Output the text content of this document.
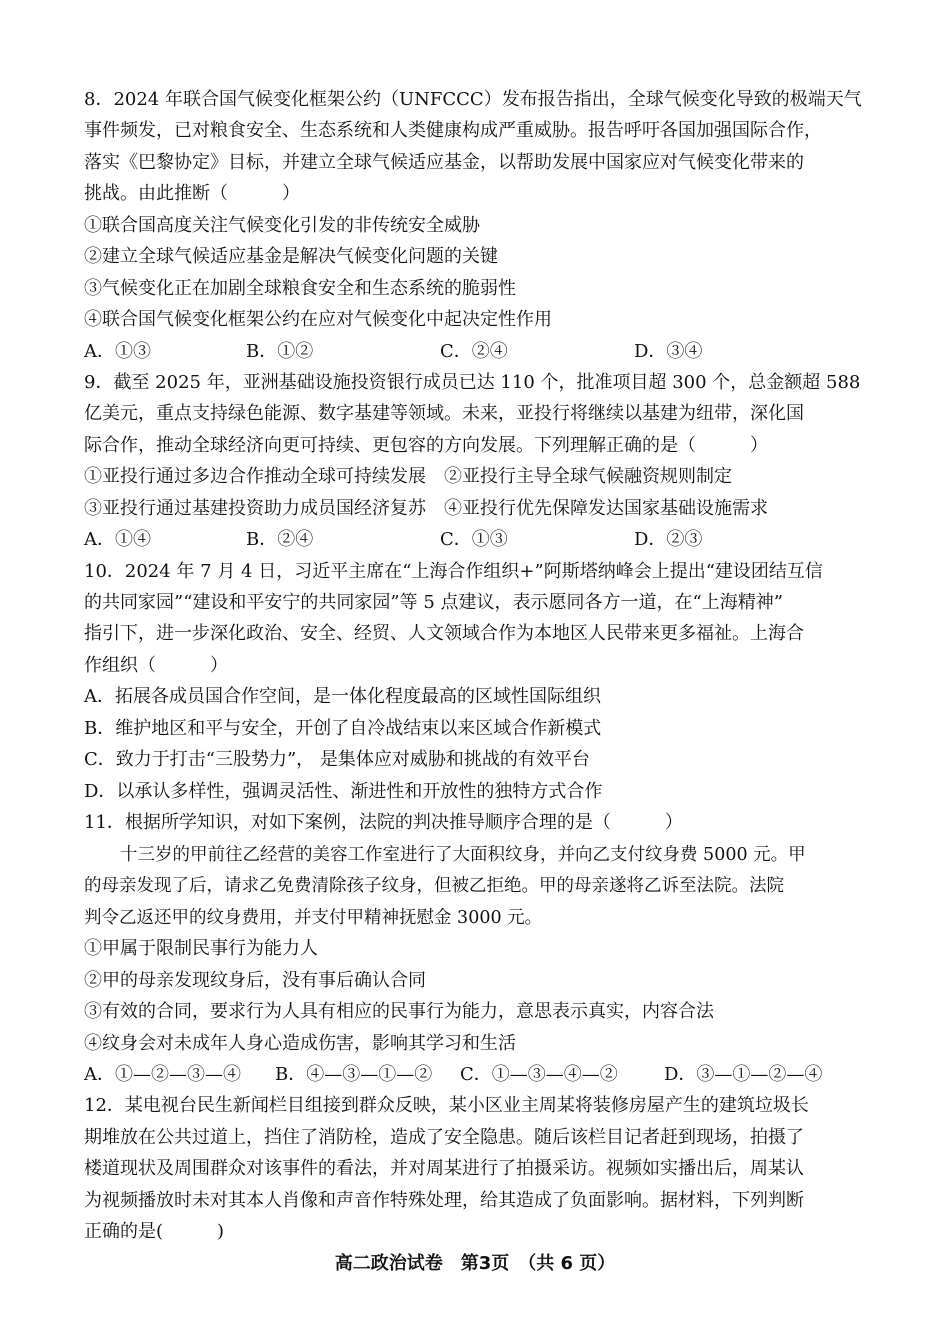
8．2024 年联合国气候变化框架公约（UNFCCC）发布报告指出，全球气候变化导致的极端天气
事件频发，已对粮食安全、生态系统和人类健康构成严重威胁。报告呼吁各国加强国际合作，
落实《巴黎协定》目标，并建立全球气候适应基金，以帮助发展中国家应对气候变化带来的
挑战。由此推断（　　　）
①联合国高度关注气候变化引发的非传统安全威胁
②建立全球气候适应基金是解决气候变化问题的关键
③气候变化正在加剧全球粮食安全和生态系统的脆弱性
④联合国气候变化框架公约在应对气候变化中起决定性作用
A．①③	B．①②	C．②④	D．③④
9．截至 2025 年，亚洲基础设施投资银行成员已达 110 个，批准项目超 300 个，总金额超 588
亿美元，重点支持绿色能源、数字基建等领域。未来，亚投行将继续以基建为纽带，深化国
际合作，推动全球经济向更可持续、更包容的方向发展。下列理解正确的是（　　　）
①亚投行通过多边合作推动全球可持续发展　②亚投行主导全球气候融资规则制定
③亚投行通过基建投资助力成员国经济复苏　④亚投行优先保障发达国家基础设施需求
A．①④	B．②④	C．①③	D．②③
10．2024 年 7 月 4 日，习近平主席在“上海合作组织+”阿斯塔纳峰会上提出“建设团结互信
的共同家园”“建设和平安宁的共同家园”等 5 点建议，表示愿同各方一道，在“上海精神”
指引下，进一步深化政治、安全、经贸、人文领域合作为本地区人民带来更多福祉。上海合
作组织（　　　）
A．拓展各成员国合作空间，是一体化程度最高的区域性国际组织
B．维护地区和平与安全，开创了自冷战结束以来区域合作新模式
C．致力于打击“三股势力”， 是集体应对威胁和挑战的有效平台
D．以承认多样性，强调灵活性、渐进性和开放性的独特方式合作
11．根据所学知识，对如下案例，法院的判决推导顺序合理的是（　　　）
十三岁的甲前往乙经营的美容工作室进行了大面积纹身，并向乙支付纹身费 5000 元。甲
的母亲发现了后，请求乙免费清除孩子纹身，但被乙拒绝。甲的母亲遂将乙诉至法院。法院
判令乙返还甲的纹身费用，并支付甲精神抚慰金 3000 元。
①甲属于限制民事行为能力人
②甲的母亲发现纹身后，没有事后确认合同
③有效的合同，要求行为人具有相应的民事行为能力，意思表示真实，内容合法
④纹身会对未成年人身心造成伤害，影响其学习和生活
A．①—②—③—④ B．④—③—①—② C．①—③—④—②	D．③—①—②—④
12．某电视台民生新闻栏目组接到群众反映，某小区业主周某将装修房屋产生的建筑垃圾长
期堆放在公共过道上，挡住了消防栓，造成了安全隐患。随后该栏目记者赶到现场，拍摄了
楼道现状及周围群众对该事件的看法，并对周某进行了拍摄采访。视频如实播出后，周某认
为视频播放时未对其本人肖像和声音作特殊处理，给其造成了负面影响。据材料，下列判断
正确的是(　　　)
高二政治试卷　第3页　（共 6 页）
